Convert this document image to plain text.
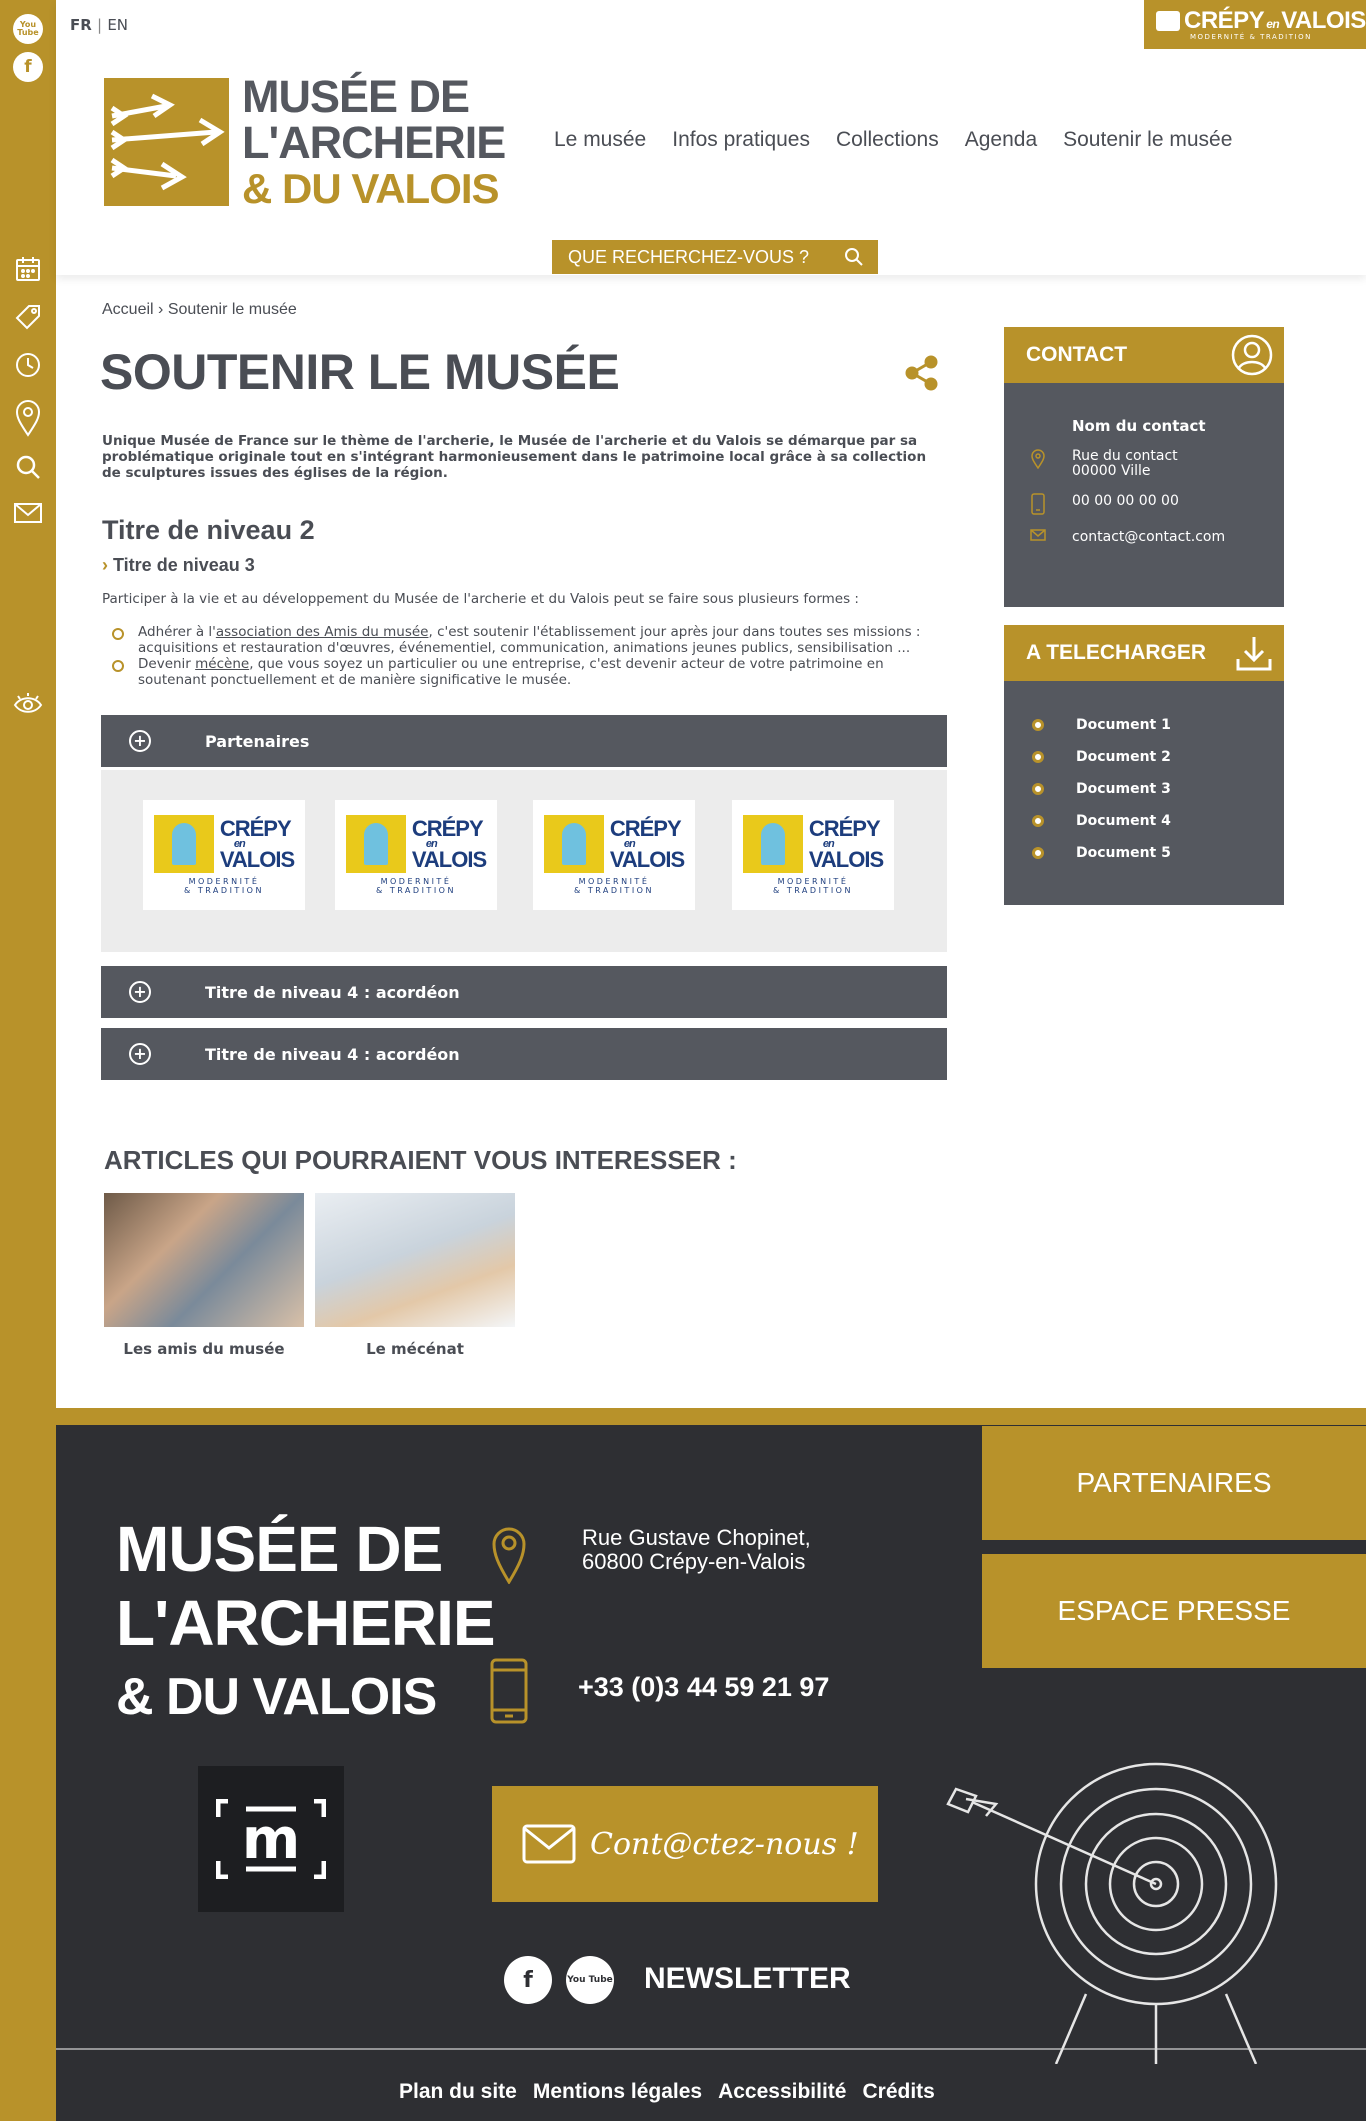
You
Tube
f
FR | EN	CRÉPY enVALOIS
MODERNITÉ & TRADITION
MUSÉE DE
L'ARCHERIE
& DU VALOIS
Le musée Infos pratiques Collections Agenda Soutenir le musée
QUE RECHERCHEZ-VOUS ?
Accueil › Soutenir le musée
SOUTENIR LE MUSÉE

Unique Musée de France sur le thème de l'archerie, le Musée de l'archerie et du Valois se démarque par sa problématique originale tout en s'intégrant harmonieusement dans le patrimoine local grâce à sa collection de sculptures issues des églises de la région.

Titre de niveau 2
› Titre de niveau 3

Participer à la vie et au développement du Musée de l'archerie et du Valois peut se faire sous plusieurs formes :

Adhérer à l'association des Amis du musée, c'est soutenir l'établissement jour après jour dans toutes ses missions : acquisitions et restauration d'œuvres, événementiel, communication, animations jeunes publics, sensibilisation ...
Devenir mécène, que vous soyez un particulier ou une entreprise, c'est devenir acteur de votre patrimoine en soutenant ponctuellement et de manière significative le musée.
+	Partenaires
CRÉPY
en
VALOIS
MODERNITÉ
& TRADITION
CRÉPY
en
VALOIS
MODERNITÉ
& TRADITION
CRÉPY
en
VALOIS
MODERNITÉ
& TRADITION
CRÉPY
en
VALOIS
MODERNITÉ
& TRADITION
+	Titre de niveau 4 : acordéon
+	Titre de niveau 4 : acordéon
ARTICLES QUI POURRAIENT VOUS INTERESSER :
Les amis du musée	Le mécénat
CONTACT
Nom du contact
Rue du contact
00000 Ville
00 00 00 00 00
contact@contact.com
A TELECHARGER
Document 1
Document 2
Document 3
Document 4
Document 5
MUSÉE DE
L'ARCHERIE
& DU VALOIS
m
Rue Gustave Chopinet,
60800 Crépy-en-Valois
+33 (0)3 44 59 21 97
Cont@ctez-nous !
PARTENAIRES
ESPACE PRESSE
f	You Tube NEWSLETTER
Plan du site Mentions légales Accessibilité Crédits
